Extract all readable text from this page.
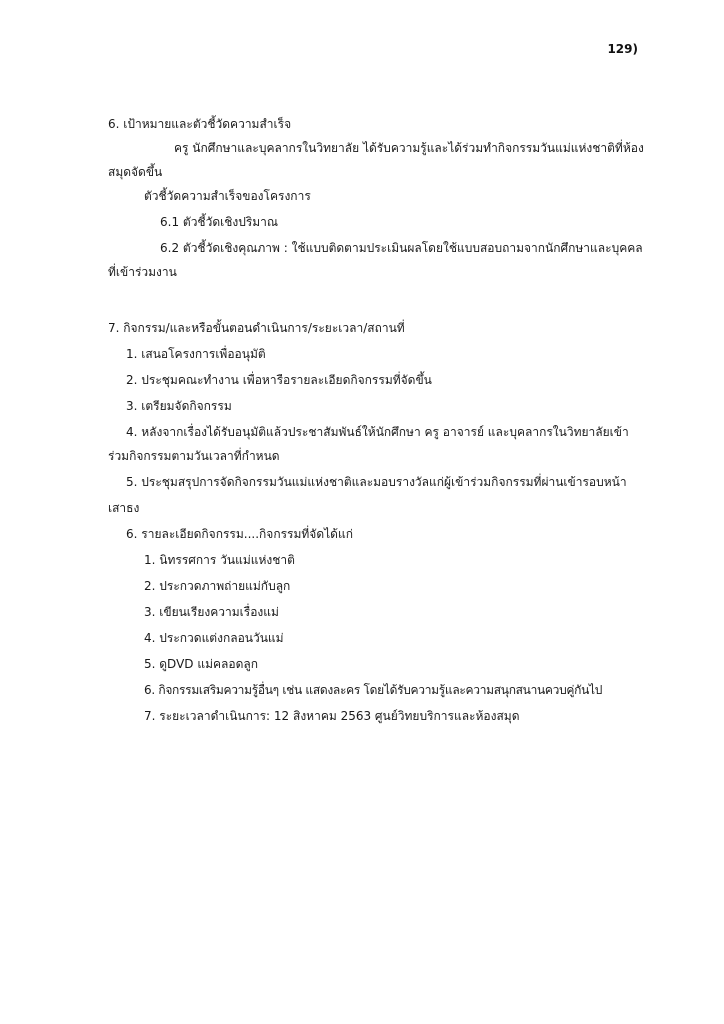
129)
6. เป้าหมายและตัวชี้วัดความสำเร็จ
ครู นักศึกษาและบุคลากรในวิทยาลัย ได้รับความรู้และได้ร่วมทำกิจกรรมวันแม่แห่งชาติที่ห้อง
สมุดจัดขึ้น
ตัวชี้วัดความสำเร็จของโครงการ
6.1 ตัวชี้วัดเชิงปริมาณ
6.2 ตัวชี้วัดเชิงคุณภาพ : ใช้แบบติดตามประเมินผลโดยใช้แบบสอบถามจากนักศึกษาและบุคคล
ที่เข้าร่วมงาน
7. กิจกรรม/และหรือขั้นตอนดำเนินการ/ระยะเวลา/สถานที่
1. เสนอโครงการเพื่ออนุมัติ
2. ประชุมคณะทำงาน เพื่อหารือรายละเอียดกิจกรรมที่จัดขึ้น
3. เตรียมจัดกิจกรรม
4. หลังจากเรื่องได้รับอนุมัติแล้วประชาสัมพันธ์ให้นักศึกษา ครู อาจารย์ และบุคลากรในวิทยาลัยเข้า
ร่วมกิจกรรมตามวันเวลาที่กำหนด
5. ประชุมสรุปการจัดกิจกรรมวันแม่แห่งชาติและมอบรางวัลแก่ผู้เข้าร่วมกิจกรรมที่ผ่านเข้ารอบหน้า
เสาธง
6. รายละเอียดกิจกรรม....กิจกรรมที่จัดได้แก่
1. นิทรรศการ วันแม่แห่งชาติ
2. ประกวดภาพถ่ายแม่กับลูก
3. เขียนเรียงความเรื่องแม่
4. ประกวดแต่งกลอนวันแม่
5. ดูDVD แม่คลอดลูก
6. กิจกรรมเสริมความรู้อื่นๆ เช่น แสดงละคร โดยได้รับความรู้และความสนุกสนานควบคู่กันไป
7. ระยะเวลาดำเนินการ: 12 สิงหาคม 2563 ศูนย์วิทยบริการและห้องสมุด
